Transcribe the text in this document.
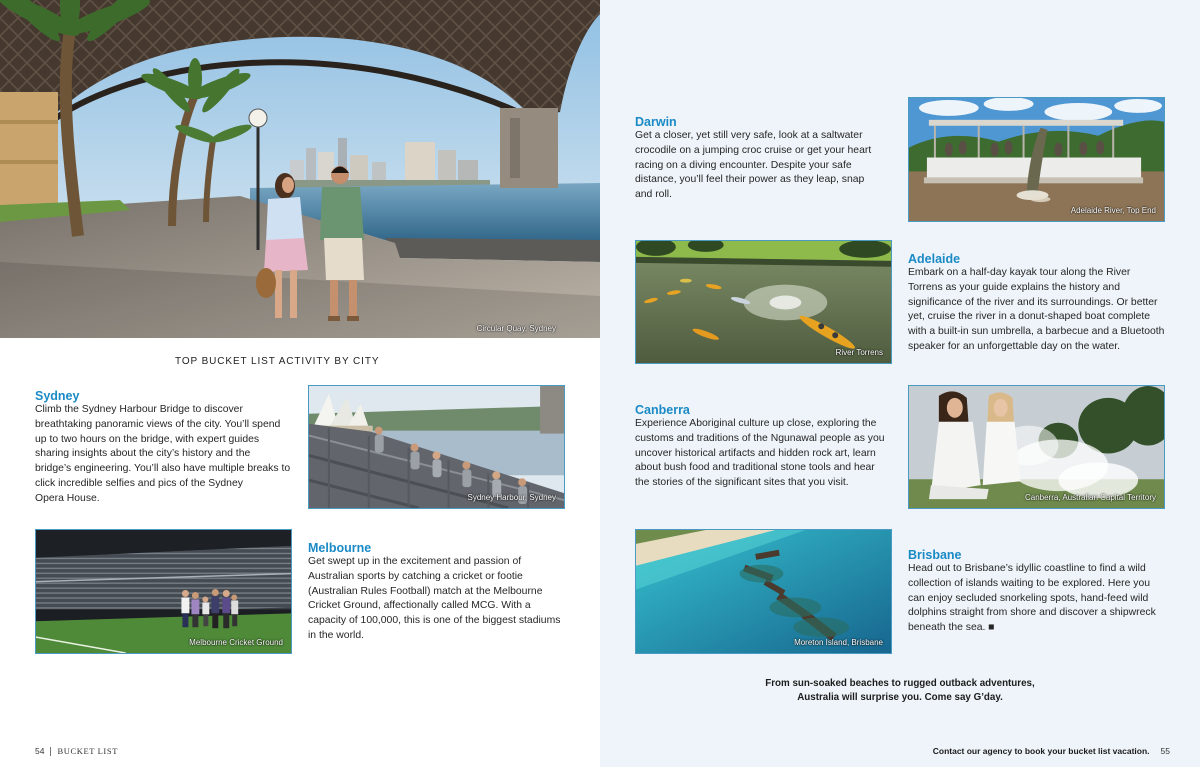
Circular Quay, Sydney
TOP BUCKET LIST ACTIVITY BY CITY
Sydney
Climb the Sydney Harbour Bridge to discover
breathtaking panoramic views of the city. You’ll spend
up to two hours on the bridge, with expert guides
sharing insights about the city’s history and the
bridge’s engineering. You’ll also have multiple breaks to
click incredible selfies and pics of the Sydney
Opera House.	Sydney Harbour, Sydney
Melbourne Cricket Ground
Melbourne
Get swept up in the excitement and passion of
Australian sports by catching a cricket or footie
(Australian Rules Football) match at the Melbourne
Cricket Ground, affectionally called MCG. With a
capacity of 100,000, this is one of the biggest stadiums
in the world.
Darwin
Get a closer, yet still very safe, look at a saltwater
crocodile on a jumping croc cruise or get your heart
racing on a diving encounter. Despite your safe
distance, you’ll feel their power as they leap, snap
and roll.
Adelaide River, Top End
River Torrens
Adelaide
Embark on a half-day kayak tour along the River
Torrens as your guide explains the history and
significance of the river and its surroundings. Or better
yet, cruise the river in a donut-shaped boat complete
with a built-in sun umbrella, a barbecue and a Bluetooth
speaker for an unforgettable day on the water.
Canberra
Experience Aboriginal culture up close, exploring the
customs and traditions of the Ngunawal people as you
uncover historical artifacts and hidden rock art, learn
about bush food and traditional stone tools and hear
the stories of the significant sites that you visit.
Canberra, Australian Capital Territory
Moreton Island, Brisbane
Brisbane
Head out to Brisbane’s idyllic coastline to find a wild
collection of islands waiting to be explored. Here you
can enjoy secluded snorkeling spots, hand-feed wild
dolphins straight from shore and discover a shipwreck
beneath the sea. ■
From sun-soaked beaches to rugged outback adventures,
Australia will surprise you. Come say G’day.
54 BUCKET LIST	Contact our agency to book your bucket list vacation. 55
